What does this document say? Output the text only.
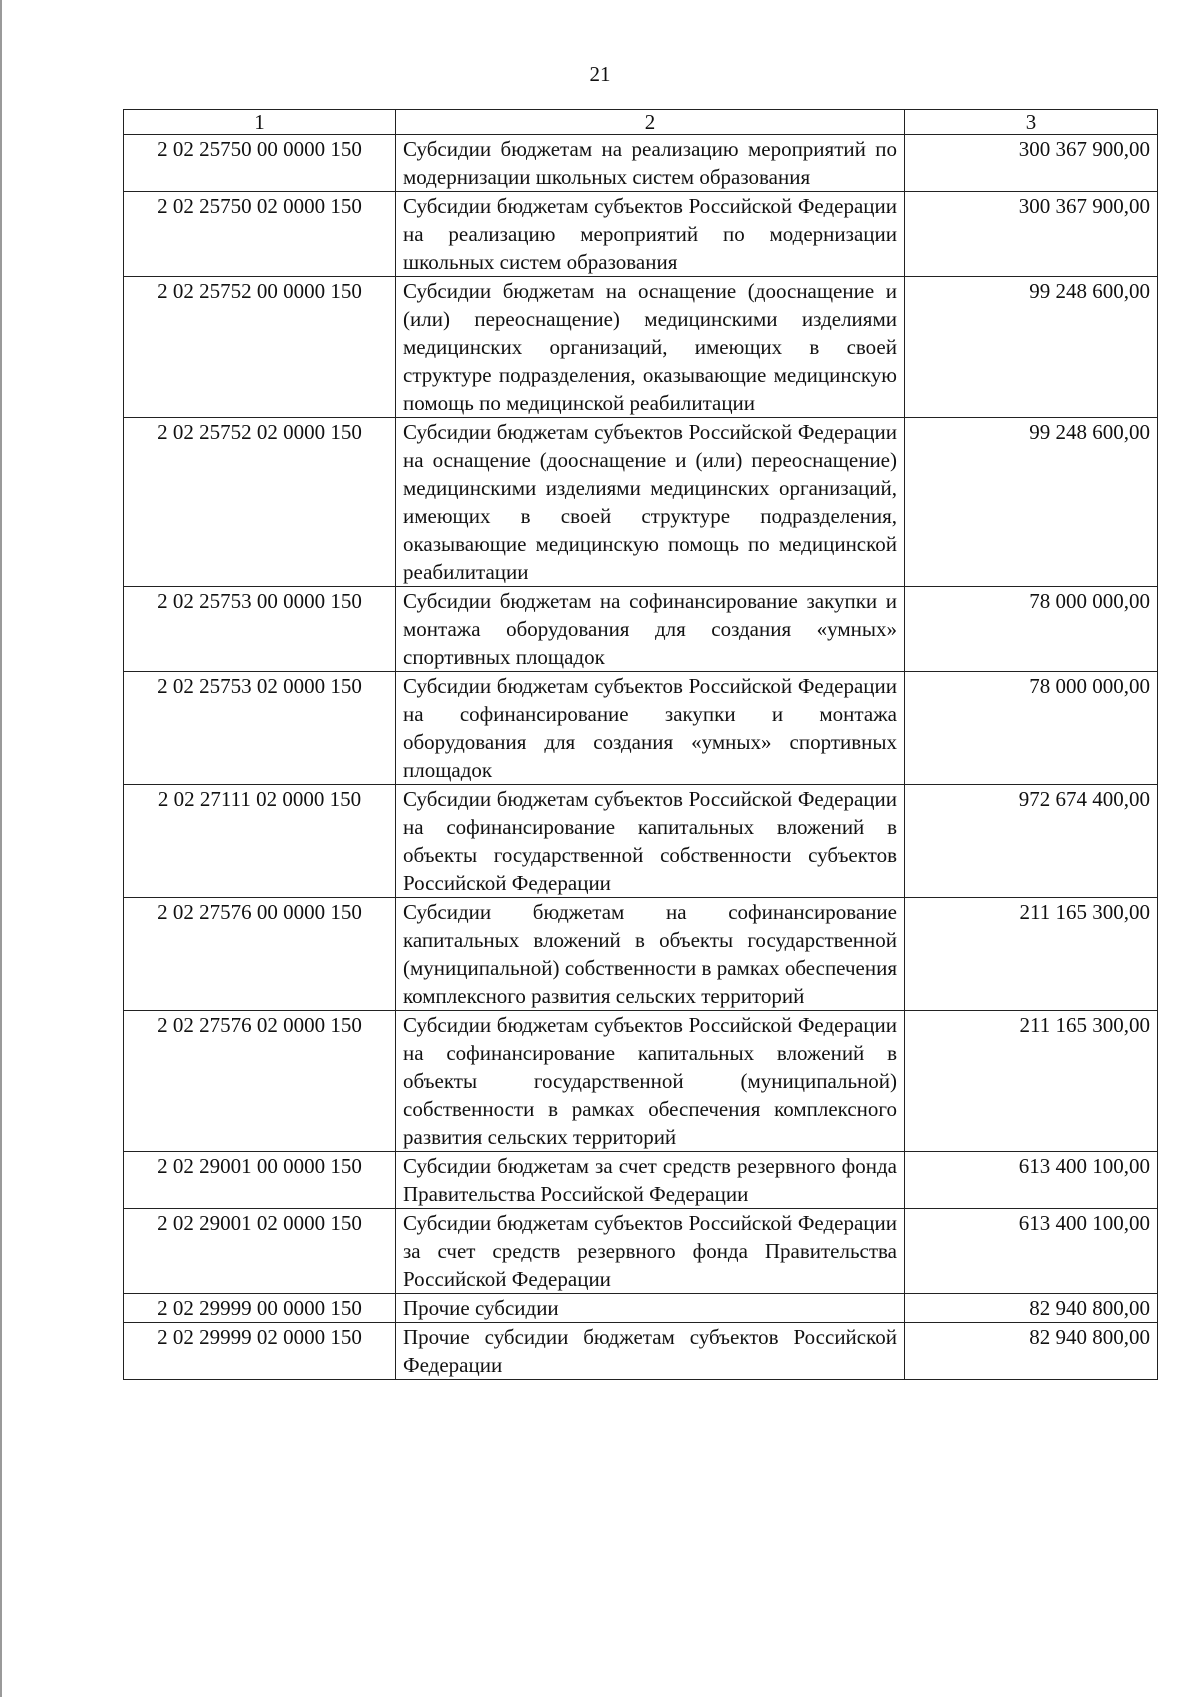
21
1	2	3
2 02 25750 00 0000 150	Субсидии бюджетам на реализацию мероприятий по модернизации школьных систем образования	300 367 900,00
2 02 25750 02 0000 150	Субсидии бюджетам субъектов Российской Федерации на реализацию мероприятий по модернизации школьных систем образования	300 367 900,00
2 02 25752 00 0000 150	Субсидии бюджетам на оснащение (дооснащение и (или) переоснащение) медицинскими изделиями медицинских организаций, имеющих в своей структуре подразделения, оказывающие медицинскую помощь по медицинской реабилитации	99 248 600,00
2 02 25752 02 0000 150	Субсидии бюджетам субъектов Российской Федерации на оснащение (дооснащение и (или) переоснащение) медицинскими изделиями медицинских организаций, имеющих в своей структуре подразделения, оказывающие медицинскую помощь по медицинской реабилитации	99 248 600,00
2 02 25753 00 0000 150	Субсидии бюджетам на софинансирование закупки и монтажа оборудования для создания «умных» спортивных площадок	78 000 000,00
2 02 25753 02 0000 150	Субсидии бюджетам субъектов Российской Федерации на софинансирование закупки и монтажа оборудования для создания «умных» спортивных площадок	78 000 000,00
2 02 27111 02 0000 150	Субсидии бюджетам субъектов Российской Федерации на софинансирование капитальных вложений в объекты государственной собственности субъектов Российской Федерации	972 674 400,00
2 02 27576 00 0000 150	Субсидии бюджетам на софинансирование капитальных вложений в объекты государственной (муниципальной) собственности в рамках обеспечения комплексного развития сельских территорий	211 165 300,00
2 02 27576 02 0000 150	Субсидии бюджетам субъектов Российской Федерации на софинансирование капитальных вложений в объекты государственной (муниципальной) собственности в рамках обеспечения комплексного развития сельских территорий	211 165 300,00
2 02 29001 00 0000 150	Субсидии бюджетам за счет средств резервного фонда Правительства Российской Федерации	613 400 100,00
2 02 29001 02 0000 150	Субсидии бюджетам субъектов Российской Федерации за счет средств резервного фонда Правительства Российской Федерации	613 400 100,00
2 02 29999 00 0000 150	Прочие субсидии	82 940 800,00
2 02 29999 02 0000 150	Прочие субсидии бюджетам субъектов Российской Федерации	82 940 800,00
